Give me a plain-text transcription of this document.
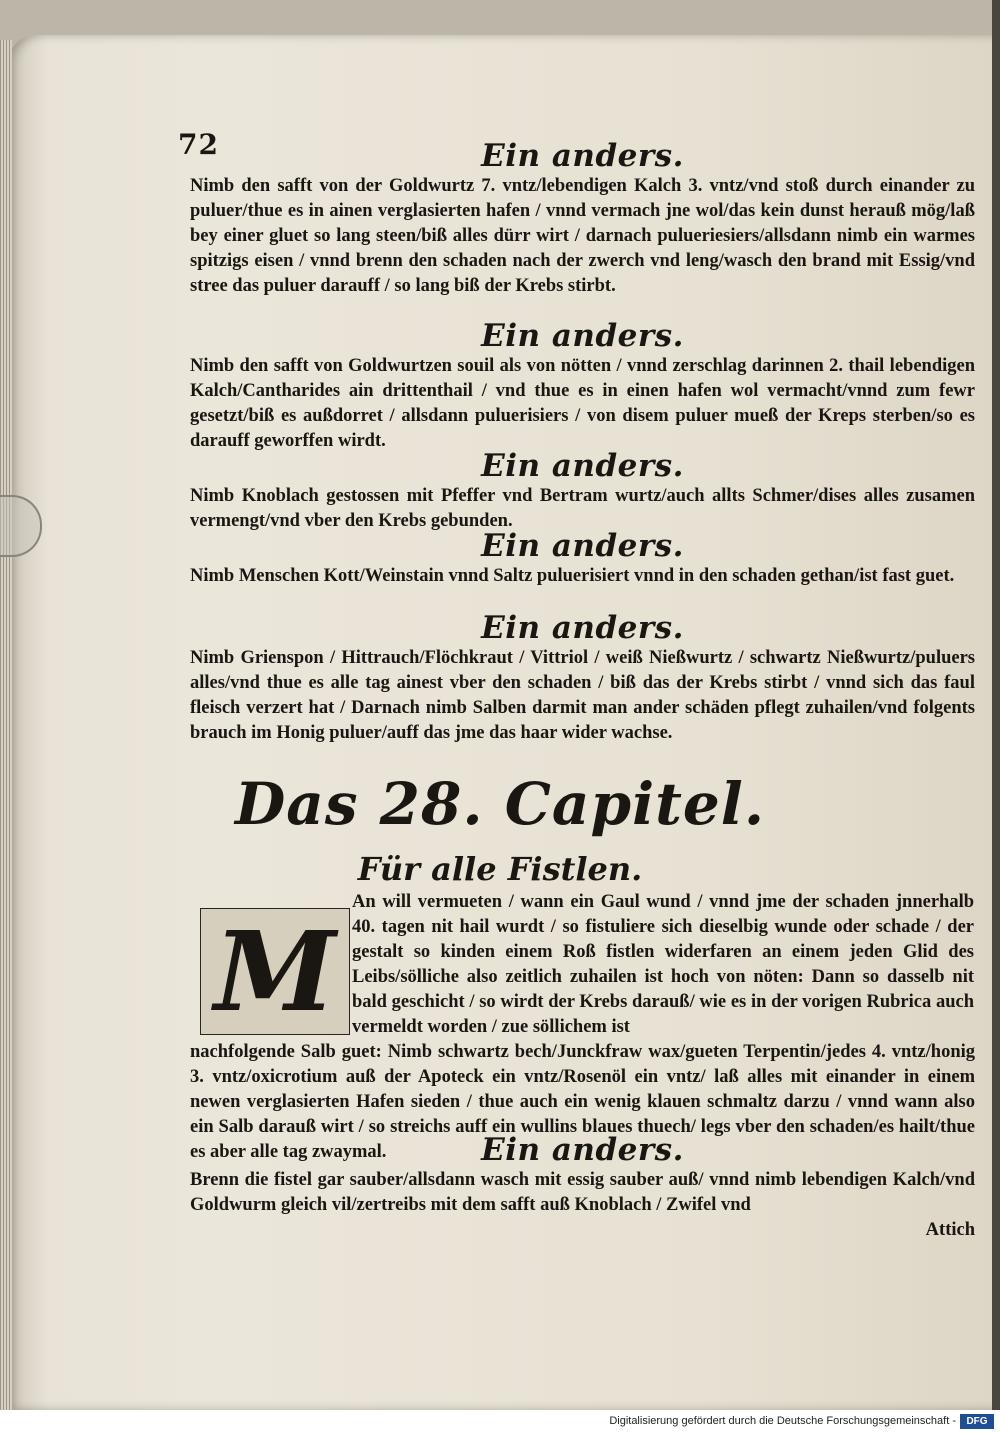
72	Ein anders.

Nimb den safft von der Goldwurtz 7. vntz/lebendigen Kalch 3. vntz/vnd stoß durch einander zu puluer/thue es in ainen verglasierten hafen / vnnd vermach jne wol/das kein dunst herauß mög/laß bey einer gluet so lang steen/biß alles dürr wirt / darnach pulueriesiers/allsdann nimb ein warmes spitzigs eisen / vnnd brenn den schaden nach der zwerch vnd leng/wasch den brand mit Essig/vnd stree das puluer darauff / so lang biß der Krebs stirbt.

Ein anders.

Nimb den safft von Goldwurtzen souil als von nötten / vnnd zerschlag darinnen 2. thail lebendigen Kalch/Cantharides ain drittenthail / vnd thue es in einen hafen wol vermacht/vnnd zum fewr gesetzt/biß es außdorret / allsdann puluerisiers / von disem puluer mueß der Kreps sterben/so es darauff geworffen wirdt.

Ein anders.

Nimb Knoblach gestossen mit Pfeffer vnd Bertram wurtz/auch allts Schmer/dises alles zusamen vermengt/vnd vber den Krebs gebunden.

Ein anders.

Nimb Menschen Kott/Weinstain vnnd Saltz puluerisiert vnnd in den schaden gethan/ist fast guet.

Ein anders.

Nimb Grienspon / Hittrauch/Flöchkraut / Vittriol / weiß Nießwurtz / schwartz Nießwurtz/puluers alles/vnd thue es alle tag ainest vber den schaden / biß das der Krebs stirbt / vnnd sich das faul fleisch verzert hat / Darnach nimb Salben darmit man ander schäden pflegt zuhailen/vnd folgents brauch im Honig puluer/auff das jme das haar wider wachse.

Das 28. Capitel.
Für alle Fistlen.
M

An will vermueten / wann ein Gaul wund / vnnd jme der schaden jnnerhalb 40. tagen nit hail wurdt / so fistuliere sich dieselbig wunde oder schade / der gestalt so kinden einem Roß fistlen widerfaren an einem jeden Glid des Leibs/sölliche also zeitlich zuhailen ist hoch von nöten: Dann so dasselb nit bald geschicht / so wirdt der Krebs darauß/ wie es in der vorigen Rubrica auch vermeldt worden / zue söllichem ist

nachfolgende Salb guet: Nimb schwartz bech/Junckfraw wax/gueten Terpentin/jedes 4. vntz/honig 3. vntz/oxicrotium auß der Apoteck ein vntz/Rosenöl ein vntz/ laß alles mit einander in einem newen verglasierten Hafen sieden / thue auch ein wenig klauen schmaltz darzu / vnnd wann also ein Salb darauß wirt / so streichs auff ein wullins blaues thuech/ legs vber den schaden/es hailt/thue es aber alle tag zwaymal.	Ein anders.

Brenn die fistel gar sauber/allsdann wasch mit essig sauber auß/ vnnd nimb lebendigen Kalch/vnd Goldwurm gleich vil/zertreibs mit dem safft auß Knoblach / Zwifel vnd

Attich

Digitalisierung gefördert durch die Deutsche Forschungsgemeinschaft -	DFG
